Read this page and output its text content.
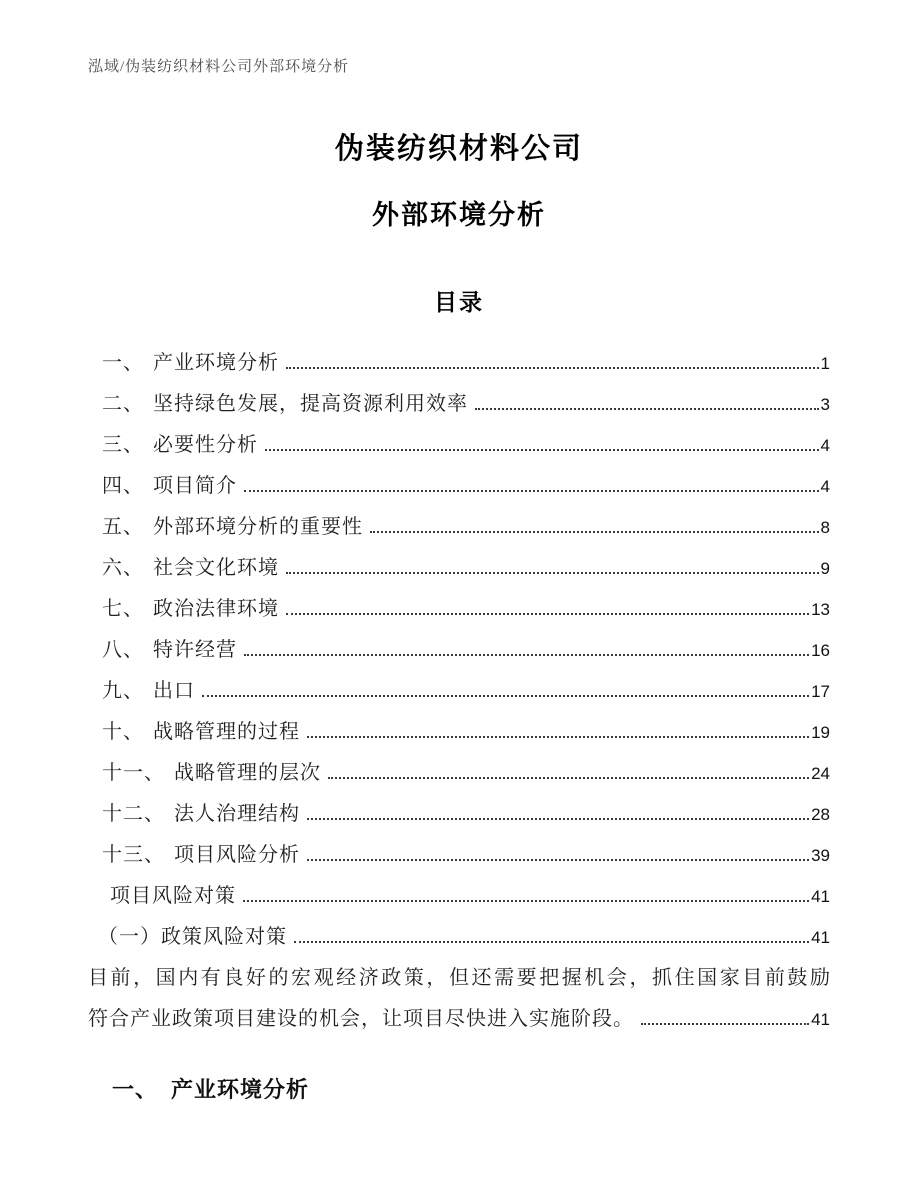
泓域/伪装纺织材料公司外部环境分析
伪装纺织材料公司
外部环境分析
目录
一、 产业环境分析	1
二、 坚持绿色发展，提高资源利用效率	3
三、 必要性分析	4
四、 项目简介	4
五、 外部环境分析的重要性	8
六、 社会文化环境	9
七、 政治法律环境	13
八、 特许经营	16
九、 出口	17
十、 战略管理的过程	19
十一、 战略管理的层次	24
十二、 法人治理结构	28
十三、 项目风险分析	39
项目风险对策	41
（一）政策风险对策	41
目前，国内有良好的宏观经济政策，但还需要把握机会，抓住国家目前鼓励
符合产业政策项目建设的机会，让项目尽快进入实施阶段。	41
一、 产业环境分析
